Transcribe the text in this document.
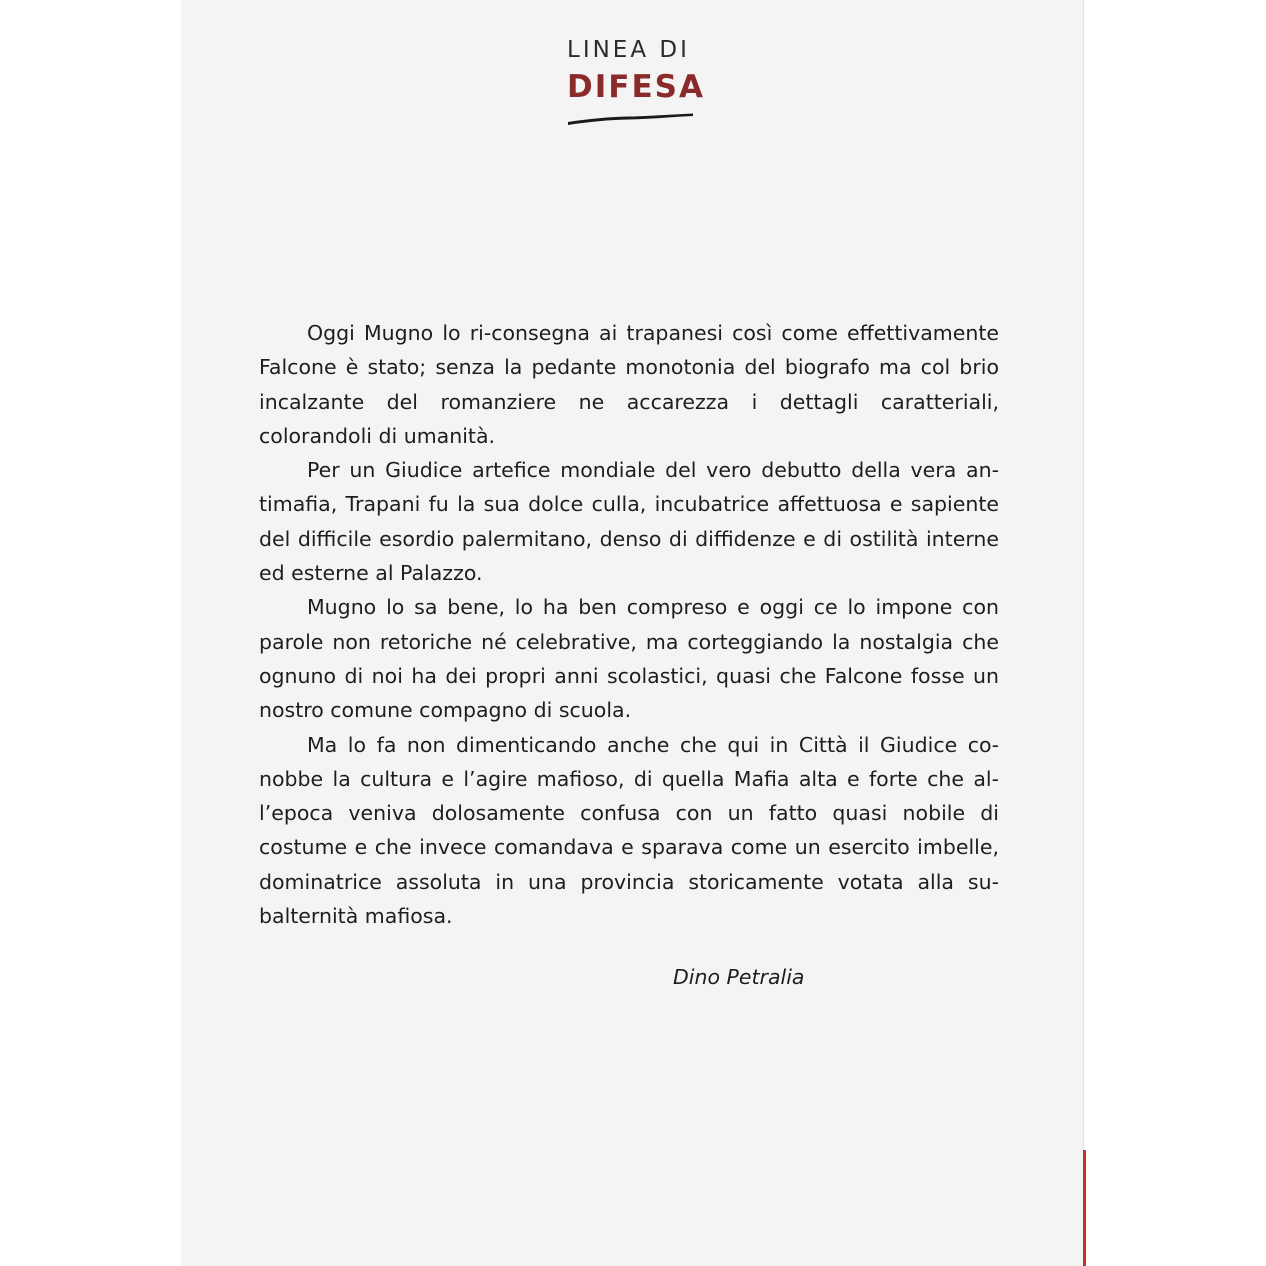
LINEA DI
DIFESA

Oggi Mugno lo ri-consegna ai trapanesi così come effettivamente Falcone è stato; senza la pedante monotonia del biografo ma col brio incalzante del romanziere ne accarezza i dettagli caratteriali, colorandoli di umanità.

Per un Giudice artefice mondiale del vero debutto della vera antimafia, Trapani fu la sua dolce culla, incubatrice affettuosa e sapiente del difficile esordio palermitano, denso di diffidenze e di ostilità interne ed esterne al Palazzo.

Mugno lo sa bene, lo ha ben compreso e oggi ce lo impone con parole non retoriche né celebrative, ma corteggiando la nostalgia che ognuno di noi ha dei propri anni scolastici, quasi che Falcone fosse un nostro comune compagno di scuola.

Ma lo fa non dimenticando anche che qui in Città il Giudice conobbe la cultura e l’agire mafioso, di quella Mafia alta e forte che al l’epoca veniva dolosamente confusa con un fatto quasi nobile di costume e che invece comandava e sparava come un esercito imbelle, dominatrice assoluta in una provincia storicamente votata alla subalternità mafiosa.

Dino Petralia
